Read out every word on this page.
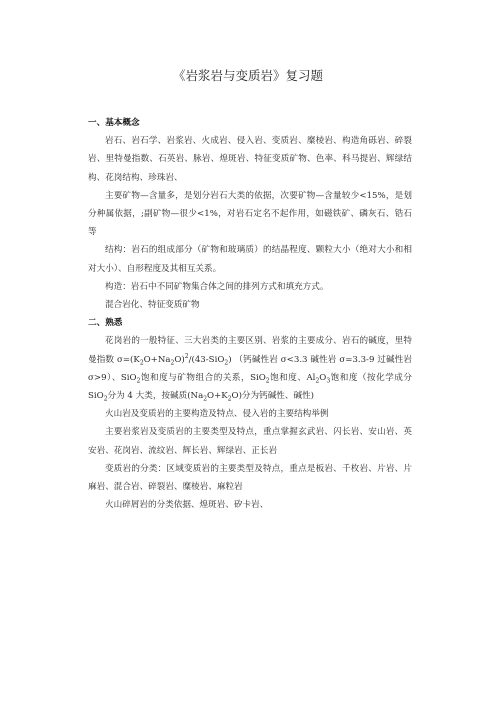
《岩浆岩与变质岩》复习题

一、基本概念

岩石、岩石学、岩浆岩、火成岩、侵入岩、变质岩、糜棱岩、构造角砾岩、碎裂岩、里特曼指数、石英岩、脉岩、煌斑岩、特征变质矿物、色率、科马提岩、辉绿结构、花岗结构、珍珠岩、

主要矿物—含量多，是划分岩石大类的依据，次要矿物—含量较少<15%，是划分种属依据，;副矿物—很少<1%，对岩石定名不起作用，如磁铁矿、磷灰石、锆石等

结构：岩石的组成部分（矿物和玻璃质）的结晶程度、颗粒大小（绝对大小和相对大小）、自形程度及其相互关系。

构造：岩石中不同矿物集合体之间的排列方式和填充方式。

混合岩化、特征变质矿物

二、熟悉

花岗岩的一般特征、三大岩类的主要区别、岩浆的主要成分、岩石的碱度，里特曼指数 $\sigma=(K_2O+Na_2O)^2/(43-SiO_2)$ （钙碱性岩 σ<3.3 碱性岩 σ=3.3-9 过碱性岩 σ>9）、SiO$_2$饱和度与矿物组合的关系，SiO$_2$饱和度、$Al_2O_3$饱和度（按化学成分 SiO$_2$分为 4 大类，按碱质$(Na_2O+K_2O)$分为钙碱性、碱性)

火山岩及变质岩的主要构造及特点、侵入岩的主要结构举例

主要岩浆岩及变质岩的主要类型及特点，重点掌握玄武岩、闪长岩、安山岩、英安岩、花岗岩、流纹岩、辉长岩、辉绿岩、正长岩

变质岩的分类：区域变质岩的主要类型及特点，重点是板岩、千枚岩、片岩、片麻岩、混合岩、碎裂岩、糜棱岩、麻粒岩

火山碎屑岩的分类依据、煌斑岩、矽卡岩、
